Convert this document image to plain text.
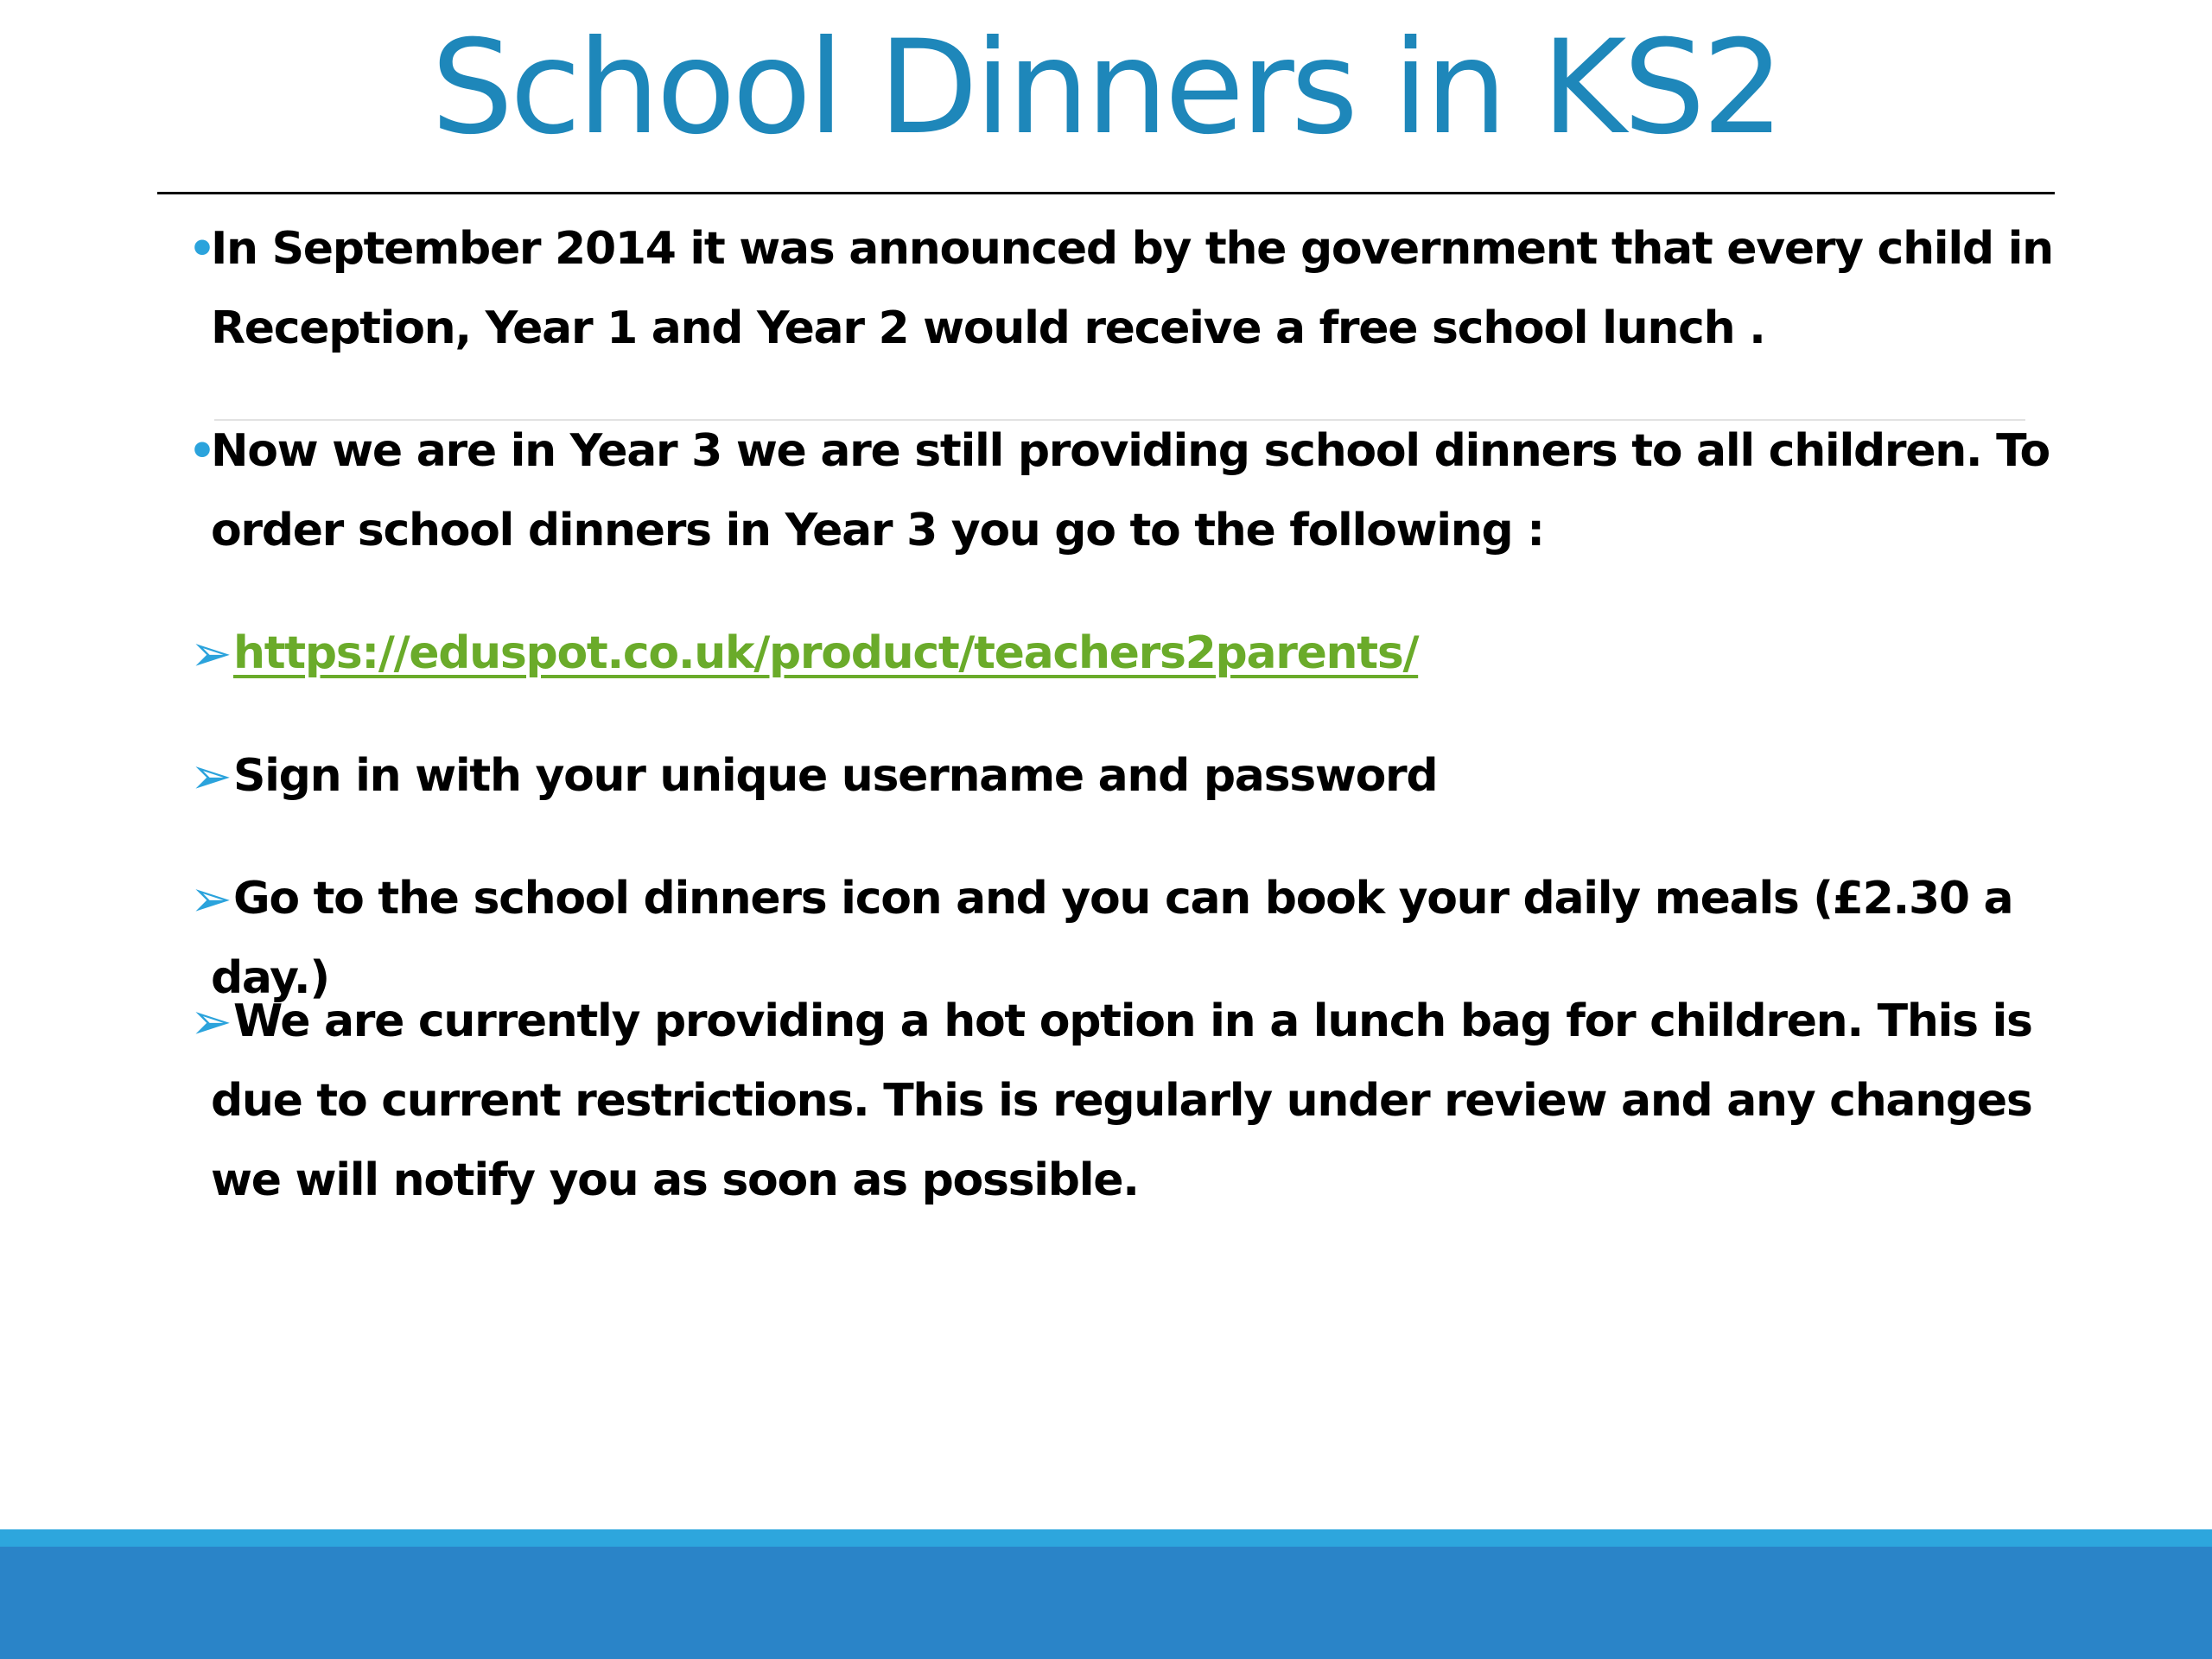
School Dinners in KS2
•
In September 2014 it was announced by the government that every child in Reception, Year 1 and Year 2 would receive a free school lunch .
•
Now we are in Year 3 we are still providing school dinners to all children. To order school dinners in Year 3 you go to the following :
➢ https://eduspot.co.uk/product/teachers2parents/
➢ Sign in with your unique username and password
➢ Go to the school dinners icon and you can book your daily meals (£2.30 a day.)
➢ We are currently providing a hot option in a lunch bag for children. This is due to current restrictions. This is regularly under review and any changes we will notify you as soon as possible.
